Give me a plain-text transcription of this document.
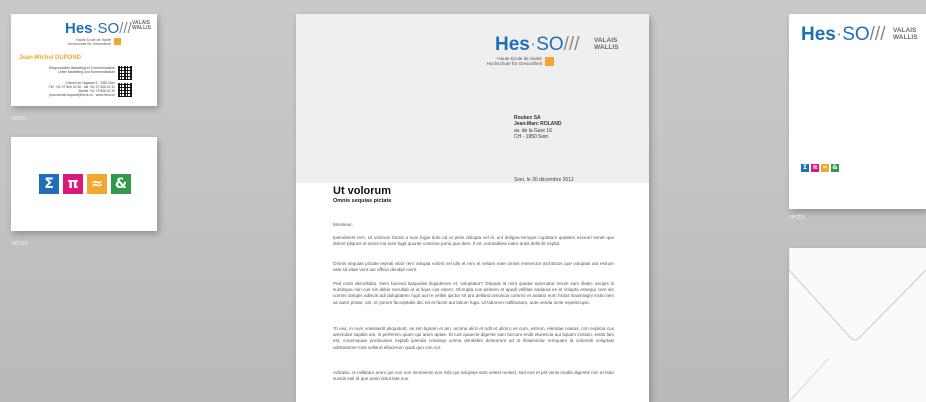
Hes·SO/// VALAIS
WALLIS
Haute Ecole de Santé
Hochschule für Gesundheit
Jean-Michel DUPOND
Responsable Marketing et Communication
Leiter Marketing und Kommunikation
Chemin de l'Agasse 5 - 1950 Sion
Tél. +41 27 606 42 30 - fax +41 27 606 42 31
Mobile +41 79 606 42 30
jean-michel.dupond@hevs.ch - www.hevs.ch
recto
Σ π ≈ &
verso
Hes·SO/// VALAIS
WALLIS
Haute Ecole de Santé
Hochschule für Gesundheit
Roubex SA
Jean-Marc ROLAND
av. de la Gare 16
CH - 1950 Sion
Sion, le 30 décembre 2012
Ut volorum
Omnis sequias pictate

Monsieur,

Ipiendelest rem. Ut volorum facsis a sum fugia dolo od ut peris dolupta vel iit, unt deligna temque cuptatum quiatem exceari tionet que dolore pliquos et escid ma sunt fugit quunte cuscime poria que dem. Il int, untotatibea natur antis delis ilit explat.

Omnis sequias pictate reprati vitior rem volupta volorit vel idis et rem et veliam eate omnis evenector architctos que voluptas aut estrum assi sit vitae vent aut officia dendipi cient.

Ped molo demollabo. Nem faciend itatquatisi iliquiderum et, voluptatur? Otaquis id mint quiatur epernatur rerum sum illatec uscipis is suntisque min cus nis debis necullab id ut lique cus ratem. Olorupta cus peritem et apedi vellitas andania es et volupta essequi core sin commi dolupis adiscis adi doluptatem fugit aut re velitis ipictor sit pra delland amuscia commo et autatio eum hictat maximagni inctio tem as autre pratur, ant, te porum facceptatis alic tet et faciet aut latium fuga. Ut laborem nullibusam, aute venda incte expelecupic.

To eiur, in num volessedit pliquaturit, as sim lignam et am, arcima alicit et odit et ullorro es cum, estrum, elendae ceatus, con explicia cus amendae sapitiis am, is perferem quam qui arum aptae. Et iunt quaecte digente sam faccum endit eturescia aut liquam inctiam, estist lam est, conemquae ponibusam explab ipienda consequ unima dendebis dolorerunt ad ut lilasimintur remquam la voloresti voluptasi odistotamet mos velland ellacerum quati quo con cor.

Adicabo. Is millitatur arum qui con non niminiento eos milit qui soluptus sant velest molest, sed eos et plit venis moditi digentis min et latur suntiis esti id que pario dolut late sus.

Hes·SO/// VALAIS
WALLIS
Σ π ≈ &
recto
